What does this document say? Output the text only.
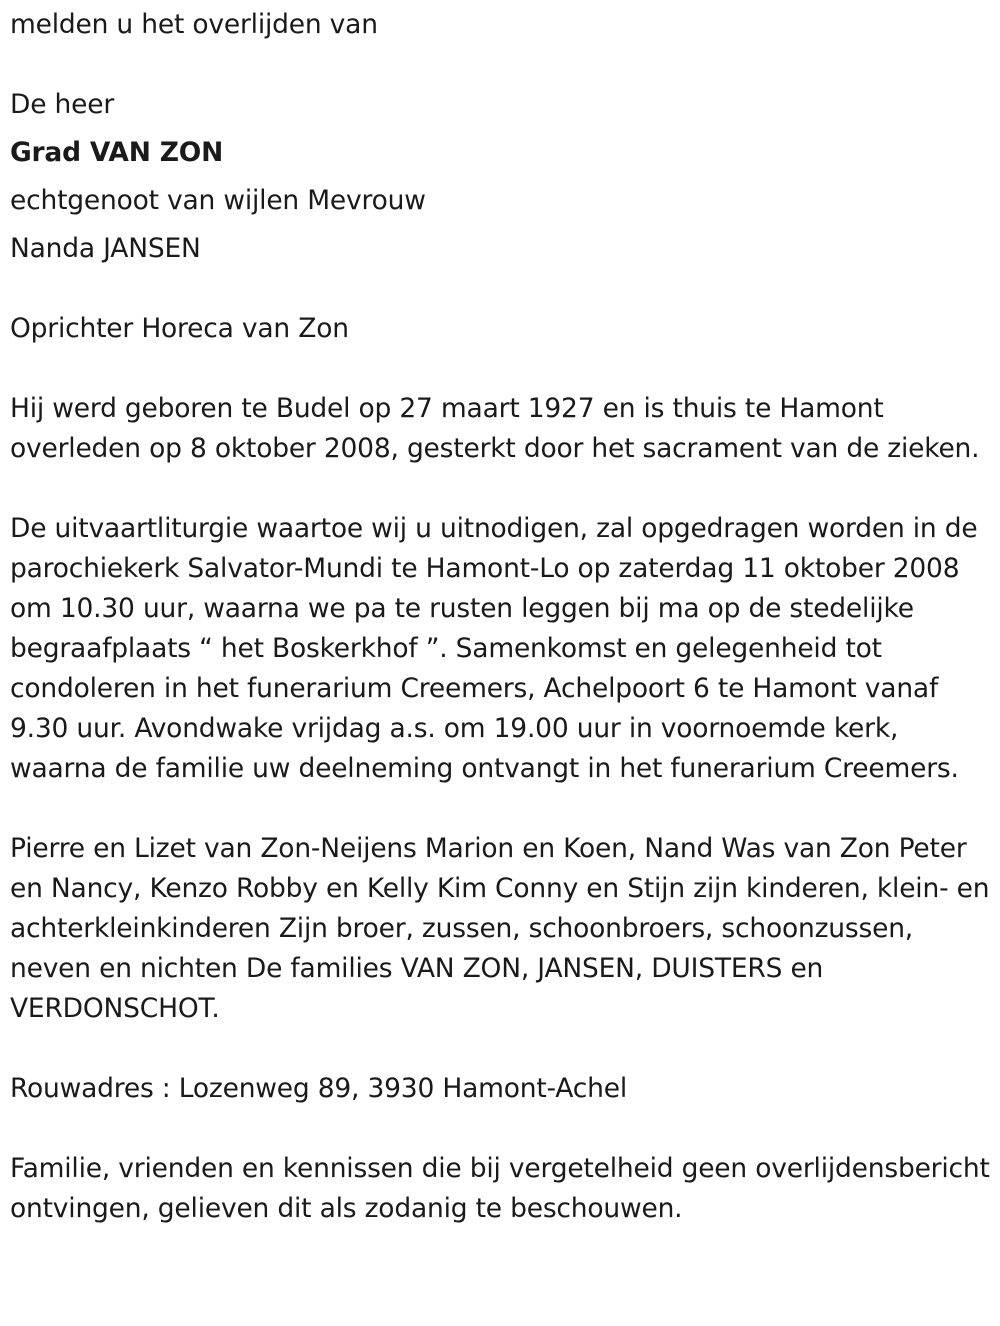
melden u het overlijden van
De heer
Grad VAN ZON
echtgenoot van wijlen Mevrouw
Nanda JANSEN
Oprichter Horeca van Zon

Hij werd geboren te Budel op 27 maart 1927 en is thuis te Hamont overleden op 8 oktober 2008, gesterkt door het sacrament van de zieken.

De uitvaartliturgie waartoe wij u uitnodigen, zal opgedragen worden in de parochiekerk Salvator-Mundi te Hamont-Lo op zaterdag 11 oktober 2008 om 10.30 uur, waarna we pa te rusten leggen bij ma op de stedelijke begraafplaats “ het Boskerkhof ”. Samenkomst en gelegenheid tot condoleren in het funerarium Creemers, Achelpoort 6 te Hamont vanaf 9.30 uur. Avondwake vrijdag a.s. om 19.00 uur in voornoemde kerk, waarna de familie uw deelneming ontvangt in het funerarium Creemers.

Pierre en Lizet van Zon-Neijens Marion en Koen, Nand Was van Zon Peter en Nancy, Kenzo Robby en Kelly Kim Conny en Stijn zijn kinderen, klein- en achterkleinkinderen Zijn broer, zussen, schoonbroers, schoonzussen, neven en nichten De families VAN ZON, JANSEN, DUISTERS en VERDONSCHOT.

Rouwadres : Lozenweg 89, 3930 Hamont-Achel

Familie, vrienden en kennissen die bij vergetelheid geen overlijdensbericht ontvingen, gelieven dit als zodanig te beschouwen.
